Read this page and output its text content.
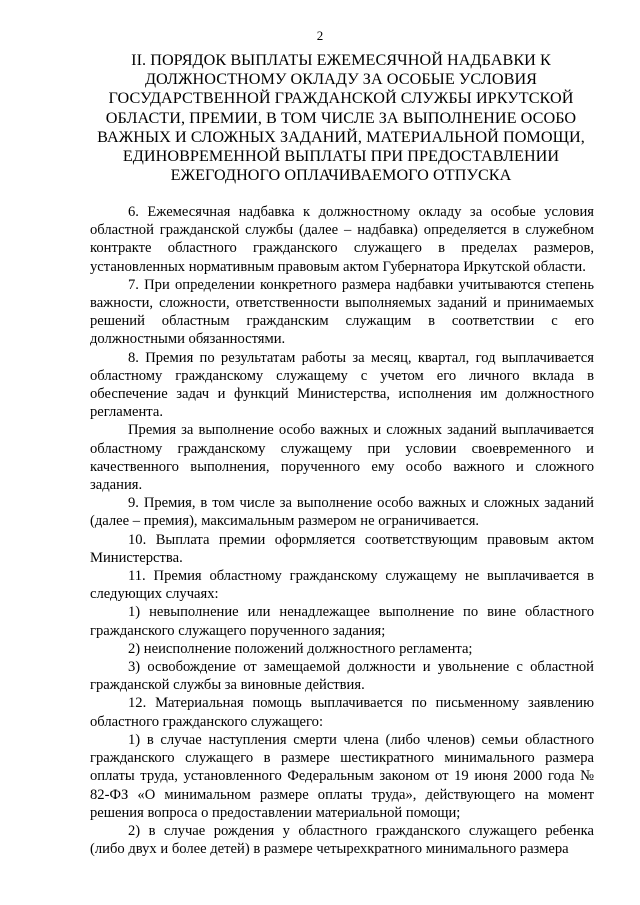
2
II. ПОРЯДОК ВЫПЛАТЫ ЕЖЕМЕСЯЧНОЙ НАДБАВКИ К
ДОЛЖНОСТНОМУ ОКЛАДУ ЗА ОСОБЫЕ УСЛОВИЯ
ГОСУДАРСТВЕННОЙ ГРАЖДАНСКОЙ СЛУЖБЫ ИРКУТСКОЙ
ОБЛАСТИ, ПРЕМИИ, В ТОМ ЧИСЛЕ ЗА ВЫПОЛНЕНИЕ ОСОБО
ВАЖНЫХ И СЛОЖНЫХ ЗАДАНИЙ, МАТЕРИАЛЬНОЙ ПОМОЩИ,
ЕДИНОВРЕМЕННОЙ ВЫПЛАТЫ ПРИ ПРЕДОСТАВЛЕНИИ
ЕЖЕГОДНОГО ОПЛАЧИВАЕМОГО ОТПУСКА

6. Ежемесячная надбавка к должностному окладу за особые условия областной гражданской службы (далее – надбавка) определяется в служебном контракте областного гражданского служащего в пределах размеров, установленных нормативным правовым актом Губернатора Иркутской области.

7. При определении конкретного размера надбавки учитываются степень важности, сложности, ответственности выполняемых заданий и принимаемых решений областным гражданским служащим в соответствии с его должностными обязанностями.

8. Премия по результатам работы за месяц, квартал, год выплачивается областному гражданскому служащему с учетом его личного вклада в обеспечение задач и функций Министерства, исполнения им должностного регламента.

Премия за выполнение особо важных и сложных заданий выплачивается областному гражданскому служащему при условии своевременного и качественного выполнения, порученного ему особо важного и сложного задания.

9. Премия, в том числе за выполнение особо важных и сложных заданий (далее – премия), максимальным размером не ограничивается.

10. Выплата премии оформляется соответствующим правовым актом Министерства.

11. Премия областному гражданскому служащему не выплачивается в следующих случаях:

1) невыполнение или ненадлежащее выполнение по вине областного гражданского служащего порученного задания;

2) неисполнение положений должностного регламента;

3) освобождение от замещаемой должности и увольнение с областной гражданской службы за виновные действия.

12. Материальная помощь выплачивается по письменному заявлению областного гражданского служащего:

1) в случае наступления смерти члена (либо членов) семьи областного гражданского служащего в размере шестикратного минимального размера оплаты труда, установленного Федеральным законом от 19 июня 2000 года № 82-ФЗ «О минимальном размере оплаты труда», действующего на момент решения вопроса о предоставлении материальной помощи;

2) в случае рождения у областного гражданского служащего ребенка (либо двух и более детей) в размере четырехкратного минимального размера
